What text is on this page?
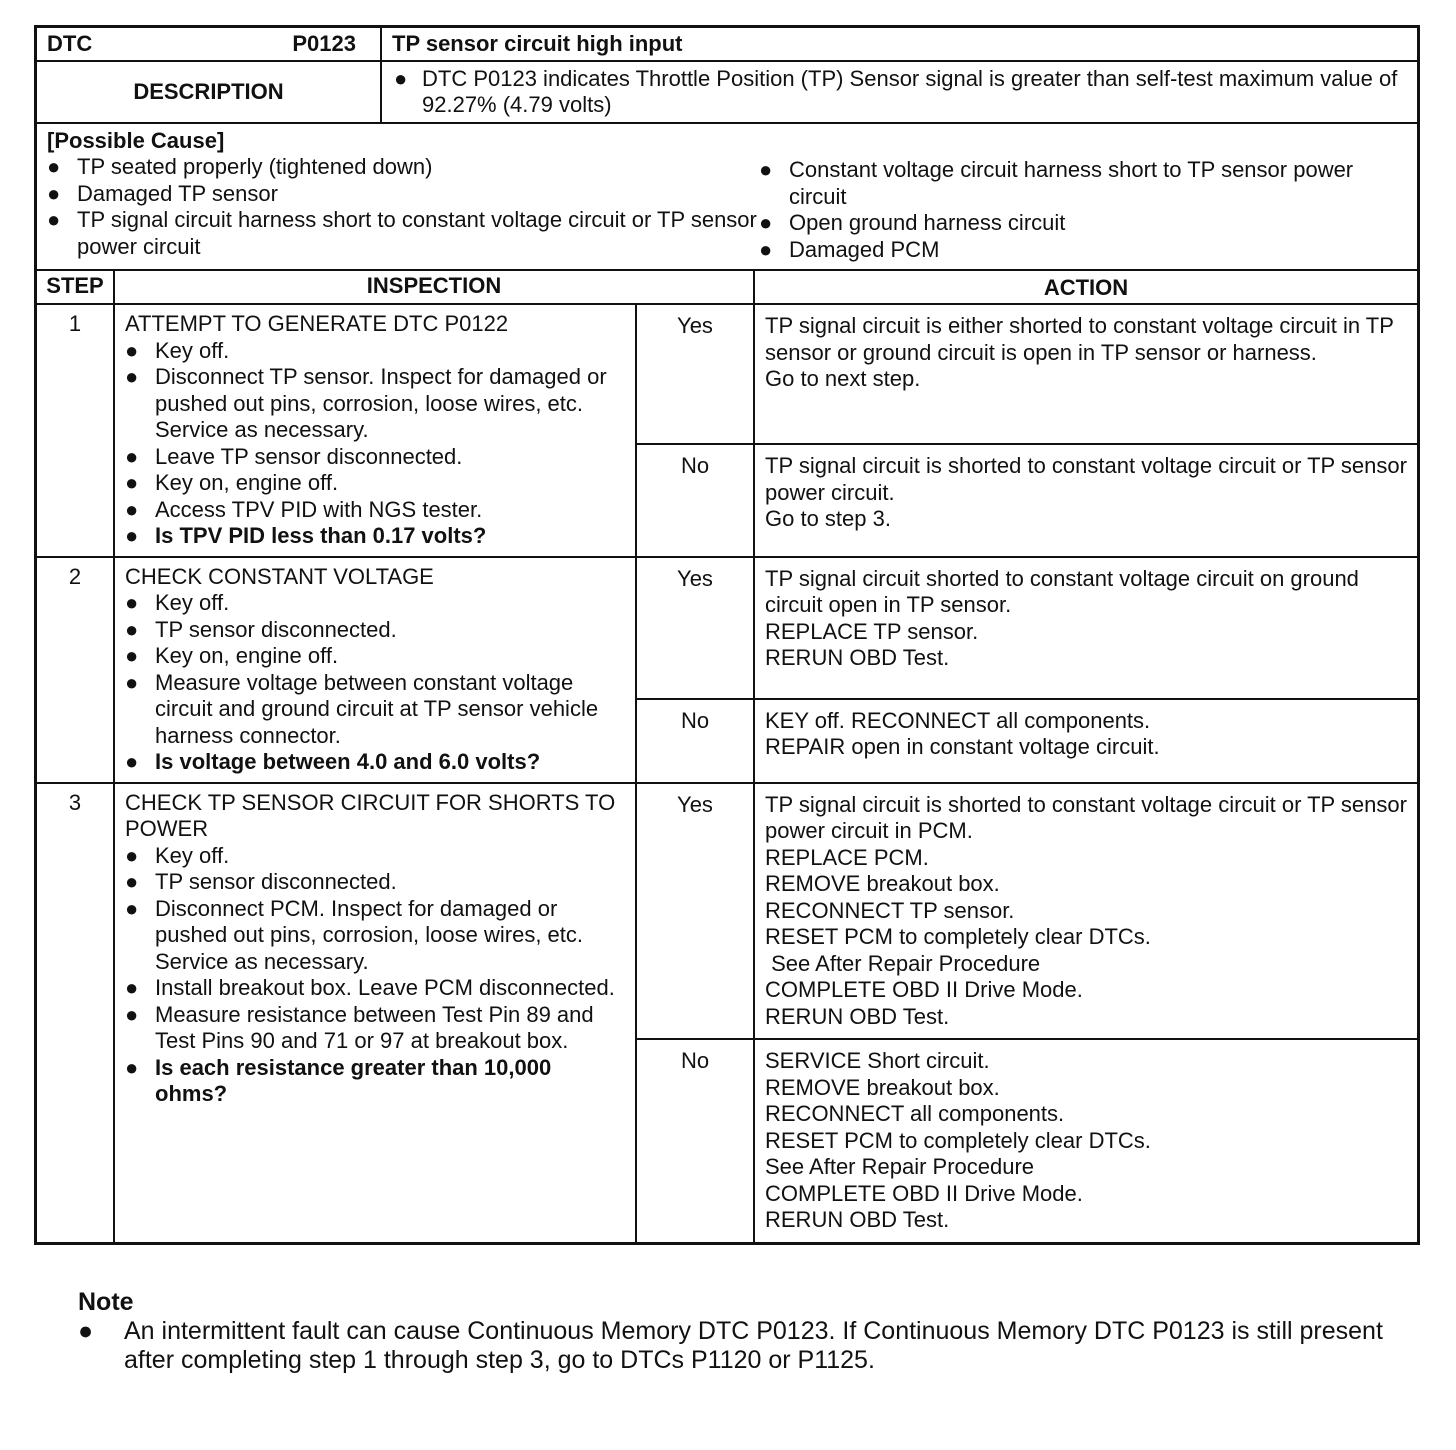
DTC	P0123	TP sensor circuit high input
DESCRIPTION
● DTC P0123 indicates Throttle Position (TP) Sensor signal is greater than self-test maximum value of 92.27% (4.79 volts)
[Possible Cause]
● TP seated properly (tightened down)
● Damaged TP sensor
● TP signal circuit harness short to constant voltage circuit or TP sensor power circuit
● Constant voltage circuit harness short to TP sensor power circuit
● Open ground harness circuit
● Damaged PCM
STEP	INSPECTION	ACTION
1	ATTEMPT TO GENERATE DTC P0122
● Key off.
● Disconnect TP sensor. Inspect for damaged or pushed out pins, corrosion, loose wires, etc. Service as necessary.
● Leave TP sensor disconnected.
● Key on, engine off.
● Access TPV PID with NGS tester.
● Is TPV PID less than 0.17 volts?
Yes	TP signal circuit is either shorted to constant voltage circuit in TP sensor or ground circuit is open in TP sensor or harness.
Go to next step.
No	TP signal circuit is shorted to constant voltage circuit or TP sensor power circuit.
Go to step 3.
2	CHECK CONSTANT VOLTAGE
● Key off.
● TP sensor disconnected.
● Key on, engine off.
● Measure voltage between constant voltage circuit and ground circuit at TP sensor vehicle harness connector.
● Is voltage between 4.0 and 6.0 volts?
Yes	TP signal circuit shorted to constant voltage circuit on ground circuit open in TP sensor.
REPLACE TP sensor.
RERUN OBD Test.
No	KEY off. RECONNECT all components.
REPAIR open in constant voltage circuit.
3	CHECK TP SENSOR CIRCUIT FOR SHORTS TO POWER
● Key off.
● TP sensor disconnected.
● Disconnect PCM. Inspect for damaged or pushed out pins, corrosion, loose wires, etc. Service as necessary.
● Install breakout box. Leave PCM disconnected.
● Measure resistance between Test Pin 89 and Test Pins 90 and 71 or 97 at breakout box.
● Is each resistance greater than 10,000 ohms?
Yes	TP signal circuit is shorted to constant voltage circuit or TP sensor power circuit in PCM.
REPLACE PCM.
REMOVE breakout box.
RECONNECT TP sensor.
RESET PCM to completely clear DTCs.
See After Repair Procedure
COMPLETE OBD II Drive Mode.
RERUN OBD Test.
No	SERVICE Short circuit.
REMOVE breakout box.
RECONNECT all components.
RESET PCM to completely clear DTCs.
See After Repair Procedure
COMPLETE OBD II Drive Mode.
RERUN OBD Test.
Note
●	An intermittent fault can cause Continuous Memory DTC P0123. If Continuous Memory DTC P0123 is still present after completing step 1 through step 3, go to DTCs P1120 or P1125.
